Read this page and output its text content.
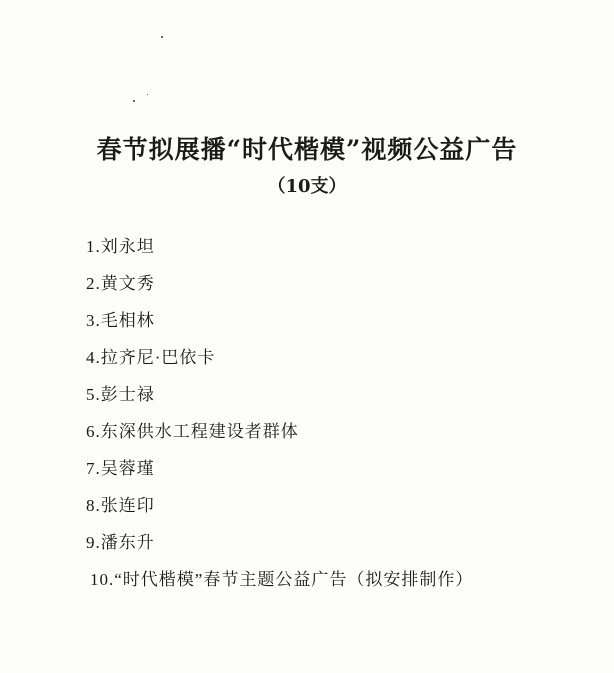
春节拟展播“时代楷模”视频公益广告
（10支）
1.刘永坦
2.黄文秀
3.毛相林
4.拉齐尼·巴依卡
5.彭士禄
6.东深供水工程建设者群体
7.吴蓉瑾
8.张连印
9.潘东升
10.“时代楷模”春节主题公益广告（拟安排制作）
